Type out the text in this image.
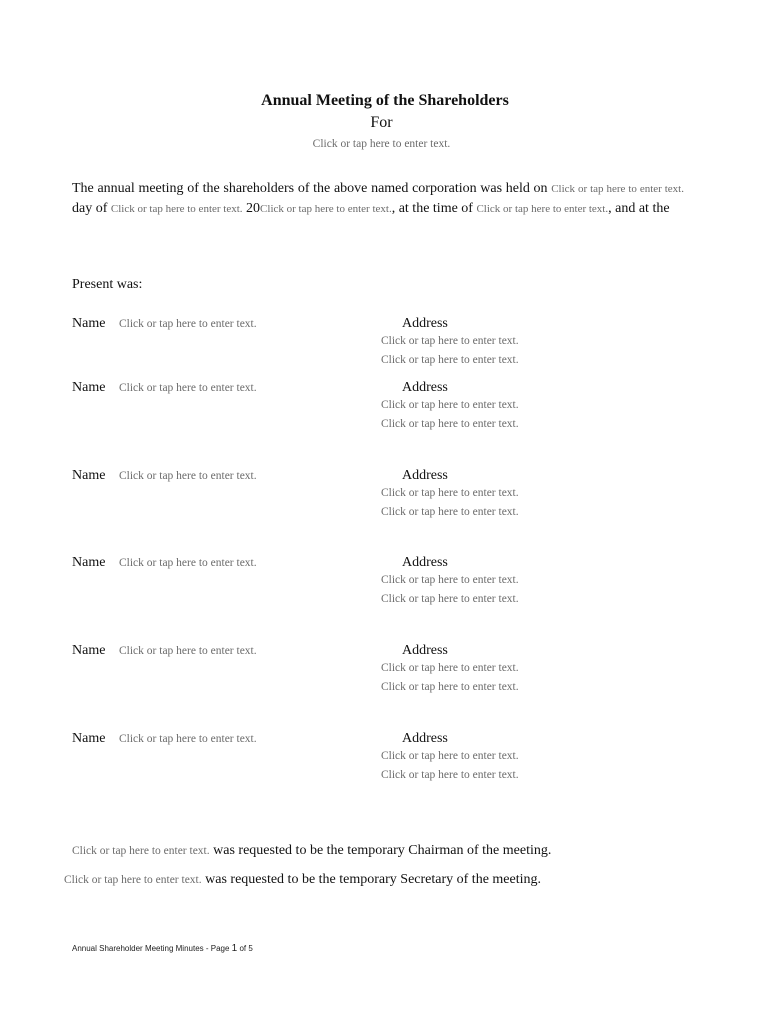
Annual Meeting of the Shareholders
For
Click or tap here to enter text.
The annual meeting of the shareholders of the above named corporation was held on Click or tap here to enter text. day of Click or tap here to enter text. 20Click or tap here to enter text., at the time of Click or tap here to enter text., and at the
Present was:
Name Click or tap here to enter text.	Address
Click or tap here to enter text.
Click or tap here to enter text.
Name Click or tap here to enter text.	Address
Click or tap here to enter text.
Click or tap here to enter text.
Name Click or tap here to enter text.	Address
Click or tap here to enter text.
Click or tap here to enter text.
Name Click or tap here to enter text.	Address
Click or tap here to enter text.
Click or tap here to enter text.
Name Click or tap here to enter text.	Address
Click or tap here to enter text.
Click or tap here to enter text.
Name Click or tap here to enter text.	Address
Click or tap here to enter text.
Click or tap here to enter text.
Click or tap here to enter text. was requested to be the temporary Chairman of the meeting.
Click or tap here to enter text. was requested to be the temporary Secretary of the meeting.
Annual Shareholder Meeting Minutes - Page 1 of 5
